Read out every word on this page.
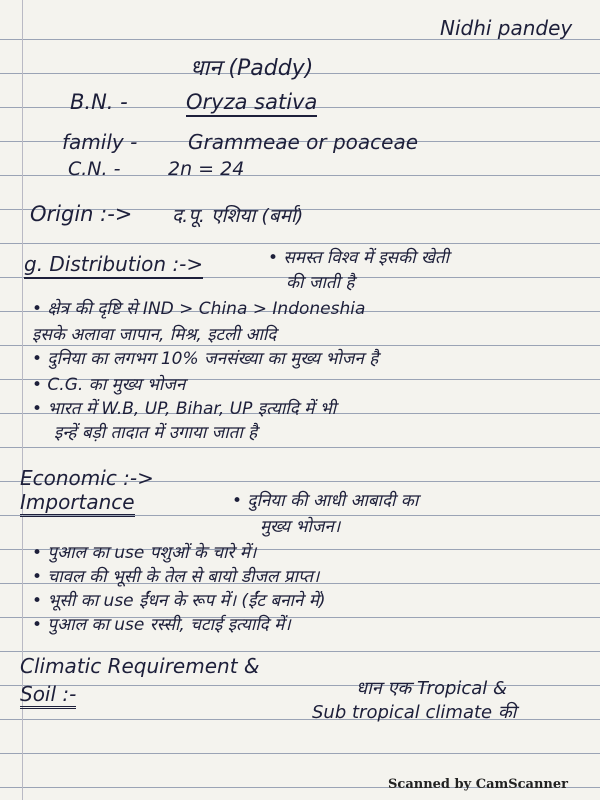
Nidhi pandey
धान (Paddy)
B.N. -	Oryza sativa
family -	Grammeae or poaceae
C.N. -	2n = 24
Origin :-> द.पू. एशिया (बर्मा)
g. Distribution :->	• समस्त विश्व में इसकी खेती
की जाती है
• क्षेत्र की दृष्टि से IND > China > Indoneshia
इसके अलावा जापान, मिश्र, इटली आदि
• दुनिया का लगभग 10% जनसंख्या का मुख्य भोजन है
• C.G. का मुख्य भोजन
• भारत में W.B, UP, Bihar, UP इत्यादि में भी
इन्हें बड़ी तादात में उगाया जाता है
Economic :->
Importance	• दुनिया की आधी आबादी का
मुख्य भोजन।
• पुआल का use पशुओं के चारे में।
• चावल की भूसी के तेल से बायो डीजल प्राप्त।
• भूसी का use ईंधन के रूप में। (ईंट बनाने में)
• पुआल का use रस्सी, चटाई इत्यादि में।
Climatic Requirement &
Soil :-	धान एक Tropical &
Sub tropical climate की
Scanned by CamScanner
